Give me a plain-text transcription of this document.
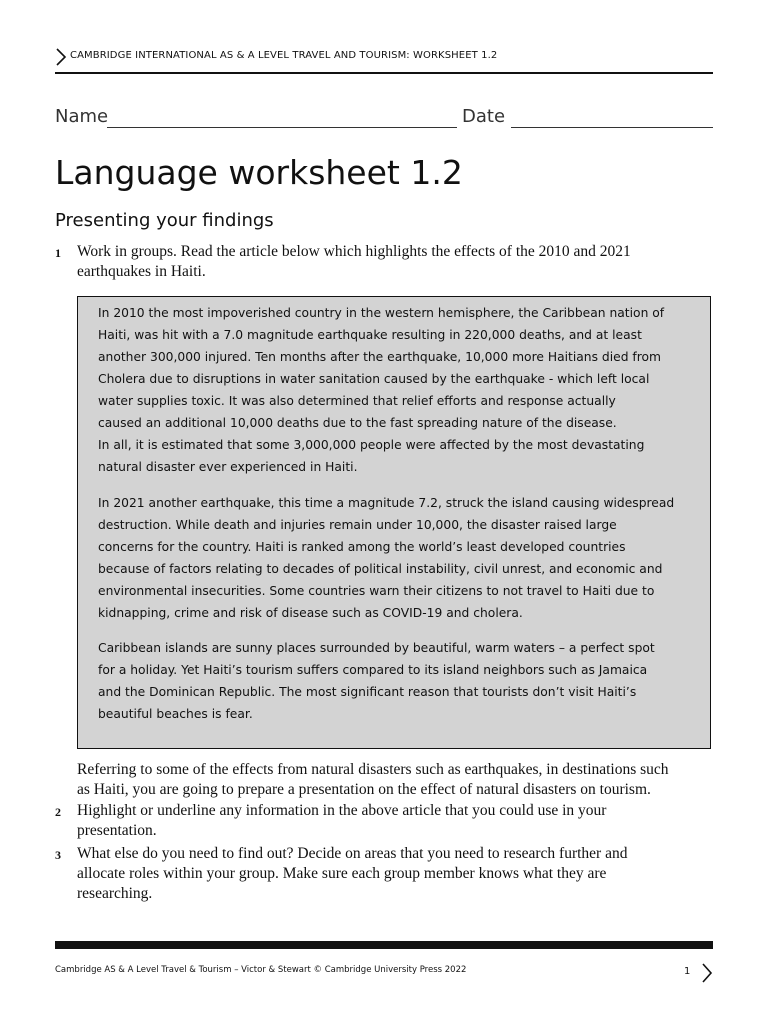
CAMBRIDGE INTERNATIONAL AS & A LEVEL TRAVEL AND TOURISM: WORKSHEET 1.2
Name	Date
Language worksheet 1.2
Presenting your findings
1 Work in groups. Read the article below which highlights the effects of the 2010 and 2021
earthquakes in Haiti.
In 2010 the most impoverished country in the western hemisphere, the Caribbean nation of
Haiti, was hit with a 7.0 magnitude earthquake resulting in 220,000 deaths, and at least
another 300,000 injured. Ten months after the earthquake, 10,000 more Haitians died from
Cholera due to disruptions in water sanitation caused by the earthquake - which left local
water supplies toxic. It was also determined that relief efforts and response actually
caused an additional 10,000 deaths due to the fast spreading nature of the disease.
In all, it is estimated that some 3,000,000 people were affected by the most devastating
natural disaster ever experienced in Haiti.
In 2021 another earthquake, this time a magnitude 7.2, struck the island causing widespread
destruction. While death and injuries remain under 10,000, the disaster raised large
concerns for the country. Haiti is ranked among the world’s least developed countries
because of factors relating to decades of political instability, civil unrest, and economic and
environmental insecurities. Some countries warn their citizens to not travel to Haiti due to
kidnapping, crime and risk of disease such as COVID-19 and cholera.
Caribbean islands are sunny places surrounded by beautiful, warm waters – a perfect spot
for a holiday. Yet Haiti’s tourism suffers compared to its island neighbors such as Jamaica
and the Dominican Republic. The most significant reason that tourists don’t visit Haiti’s
beautiful beaches is fear.
Referring to some of the effects from natural disasters such as earthquakes, in destinations such
as Haiti, you are going to prepare a presentation on the effect of natural disasters on tourism.
2 Highlight or underline any information in the above article that you could use in your
presentation.
3 What else do you need to find out? Decide on areas that you need to research further and
allocate roles within your group. Make sure each group member knows what they are
researching.
Cambridge AS & A Level Travel & Tourism – Victor & Stewart © Cambridge University Press 2022	1
